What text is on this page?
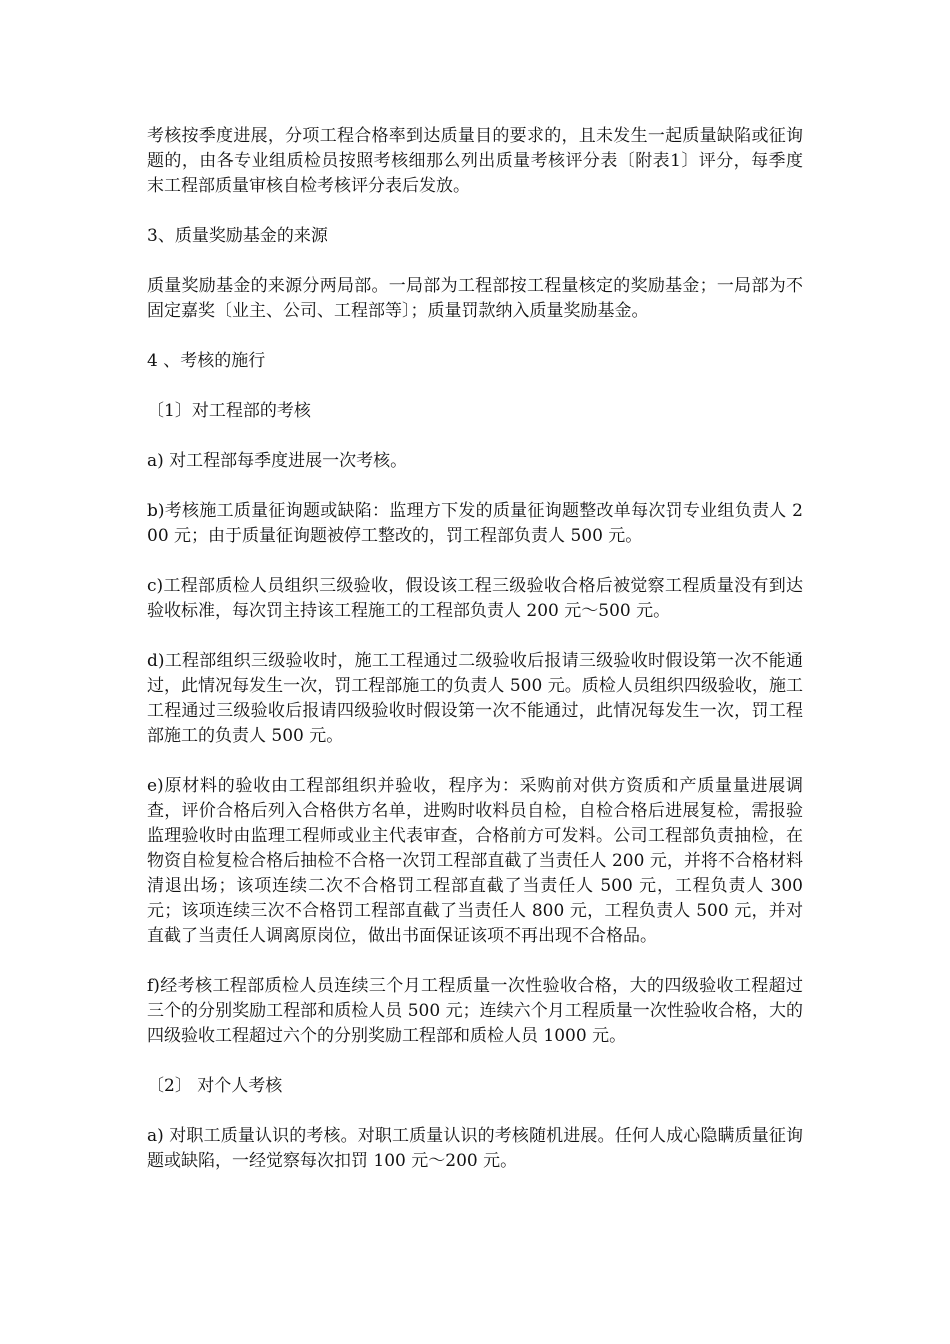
考核按季度进展，分项工程合格率到达质量目的要求的，且未发生一起质量缺陷或征询题的，由各专业组质检员按照考核细那么列出质量考核评分表〔附表1〕评分，每季度末工程部质量审核自检考核评分表后发放。

3、质量奖励基金的来源

质量奖励基金的来源分两局部。一局部为工程部按工程量核定的奖励基金；一局部为不固定嘉奖〔业主、公司、工程部等〕；质量罚款纳入质量奖励基金。

4 、考核的施行

〔1〕对工程部的考核

a) 对工程部每季度进展一次考核。

b)考核施工质量征询题或缺陷：监理方下发的质量征询题整改单每次罚专业组负责人 200 元；由于质量征询题被停工整改的，罚工程部负责人 500 元。

c)工程部质检人员组织三级验收，假设该工程三级验收合格后被觉察工程质量没有到达验收标准，每次罚主持该工程施工的工程部负责人 200 元～500 元。

d)工程部组织三级验收时，施工工程通过二级验收后报请三级验收时假设第一次不能通过，此情况每发生一次，罚工程部施工的负责人 500 元。质检人员组织四级验收，施工工程通过三级验收后报请四级验收时假设第一次不能通过，此情况每发生一次，罚工程部施工的负责人 500 元。

e)原材料的验收由工程部组织并验收，程序为：采购前对供方资质和产质量量进展调查，评价合格后列入合格供方名单，进购时收料员自检，自检合格后进展复检，需报验监理验收时由监理工程师或业主代表审查，合格前方可发料。公司工程部负责抽检，在物资自检复检合格后抽检不合格一次罚工程部直截了当责任人 200 元，并将不合格材料清退出场；该项连续二次不合格罚工程部直截了当责任人 500 元，工程负责人 300 元；该项连续三次不合格罚工程部直截了当责任人 800 元，工程负责人 500 元，并对直截了当责任人调离原岗位，做出书面保证该项不再出现不合格品。

f)经考核工程部质检人员连续三个月工程质量一次性验收合格，大的四级验收工程超过三个的分别奖励工程部和质检人员 500 元；连续六个月工程质量一次性验收合格，大的四级验收工程超过六个的分别奖励工程部和质检人员 1000 元。

〔2〕 对个人考核

a) 对职工质量认识的考核。对职工质量认识的考核随机进展。任何人成心隐瞒质量征询题或缺陷，一经觉察每次扣罚 100 元～200 元。
